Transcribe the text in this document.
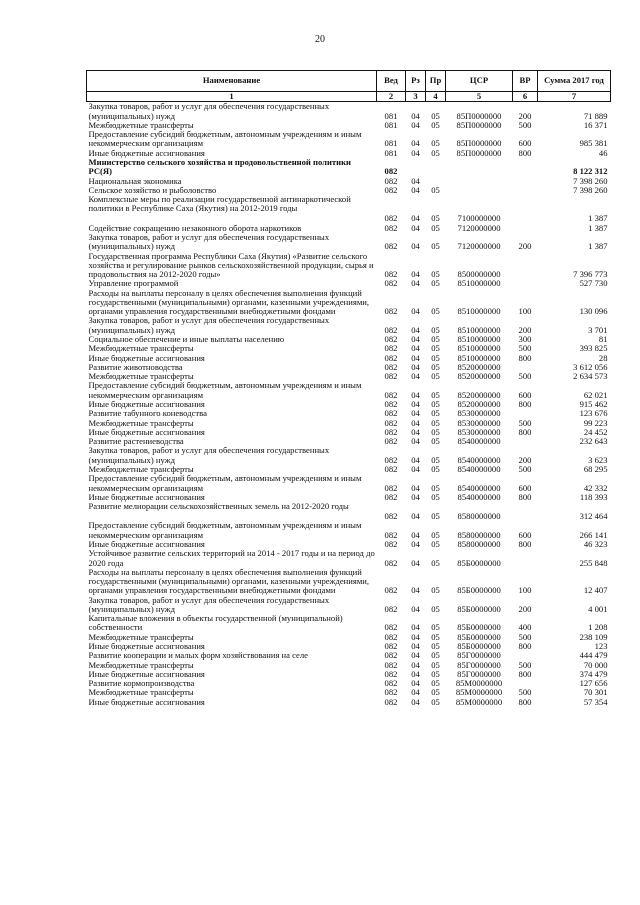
20
Наименование	Вед	Рз	Пр	ЦСР	ВР	Сумма 2017 год
1	2	3	4	5	6	7
Закупка товаров, работ и услуг для обеспечения государственных (муниципальных) нужд	081	04	05	85П0000000	200	71 889
Межбюджетные трансферты	081	04	05	85П0000000	500	16 371
Предоставление субсидий бюджетным, автономным учреждениям и иным некоммерческим организациям	081	04	05	85П0000000	600	985 381
Иные бюджетные ассигнования	081	04	05	85П0000000	800	46
Министерство сельского хозяйства и продовольственной политики РС(Я)	082					8 122 312
Национальная экономика	082	04				7 398 260
Сельское хозяйство и рыболовство	082	04	05			7 398 260
Комплексные меры по реализации государственной антинаркотической политики в Республике Саха (Якутия) на 2012-2019 годы	082	04	05	7100000000		1 387
Содействие сокращению незаконного оборота наркотиков	082	04	05	7120000000		1 387
Закупка товаров, работ и услуг для обеспечения государственных (муниципальных) нужд	082	04	05	7120000000	200	1 387
Государственная программа Республики Саха (Якутия) «Развитие сельского хозяйства и регулирование рынков сельскохозяйственной продукции, сырья и продовольствия на 2012-2020 годы»	082	04	05	8500000000		7 396 773
Управление программой	082	04	05	8510000000		527 730
Расходы на выплаты персоналу в целях обеспечения выполнения функций государственными (муниципальными) органами, казенными учреждениями, органами управления государственными внебюджетными фондами	082	04	05	8510000000	100	130 096
Закупка товаров, работ и услуг для обеспечения государственных (муниципальных) нужд	082	04	05	8510000000	200	3 701
Социальное обеспечение и иные выплаты населению	082	04	05	8510000000	300	81
Межбюджетные трансферты	082	04	05	8510000000	500	393 825
Иные бюджетные ассигнования	082	04	05	8510000000	800	28
Развитие животноводства	082	04	05	8520000000		3 612 056
Межбюджетные трансферты	082	04	05	8520000000	500	2 634 573
Предоставление субсидий бюджетным, автономным учреждениям и иным некоммерческим организациям	082	04	05	8520000000	600	62 021
Иные бюджетные ассигнования	082	04	05	8520000000	800	915 462
Развитие табунного коневодства	082	04	05	8530000000		123 676
Межбюджетные трансферты	082	04	05	8530000000	500	99 223
Иные бюджетные ассигнования	082	04	05	8530000000	800	24 452
Развитие растениеводства	082	04	05	8540000000		232 643
Закупка товаров, работ и услуг для обеспечения государственных (муниципальных) нужд	082	04	05	8540000000	200	3 623
Межбюджетные трансферты	082	04	05	8540000000	500	68 295
Предоставление субсидий бюджетным, автономным учреждениям и иным некоммерческим организациям	082	04	05	8540000000	600	42 332
Иные бюджетные ассигнования	082	04	05	8540000000	800	118 393
Развитие мелиорации сельскохозяйственных земель на 2012-2020 годы	082	04	05	8580000000		312 464
Предоставление субсидий бюджетным, автономным учреждениям и иным некоммерческим организациям	082	04	05	8580000000	600	266 141
Иные бюджетные ассигнования	082	04	05	8580000000	800	46 323
Устойчивое развитие сельских территорий на 2014 - 2017 годы и на период до 2020 года	082	04	05	85Б0000000		255 848
Расходы на выплаты персоналу в целях обеспечения выполнения функций государственными (муниципальными) органами, казенными учреждениями, органами управления государственными внебюджетными фондами	082	04	05	85Б0000000	100	12 407
Закупка товаров, работ и услуг для обеспечения государственных (муниципальных) нужд	082	04	05	85Б0000000	200	4 001
Капитальные вложения в объекты государственной (муниципальной) собственности	082	04	05	85Б0000000	400	1 208
Межбюджетные трансферты	082	04	05	85Б0000000	500	238 109
Иные бюджетные ассигнования	082	04	05	85Б0000000	800	123
Развитие кооперации и малых форм хозяйствования на селе	082	04	05	85Г0000000		444 479
Межбюджетные трансферты	082	04	05	85Г0000000	500	70 000
Иные бюджетные ассигнования	082	04	05	85Г0000000	800	374 479
Развитие кормопроизводства	082	04	05	85М0000000		127 656
Межбюджетные трансферты	082	04	05	85М0000000	500	70 301
Иные бюджетные ассигнования	082	04	05	85М0000000	800	57 354
